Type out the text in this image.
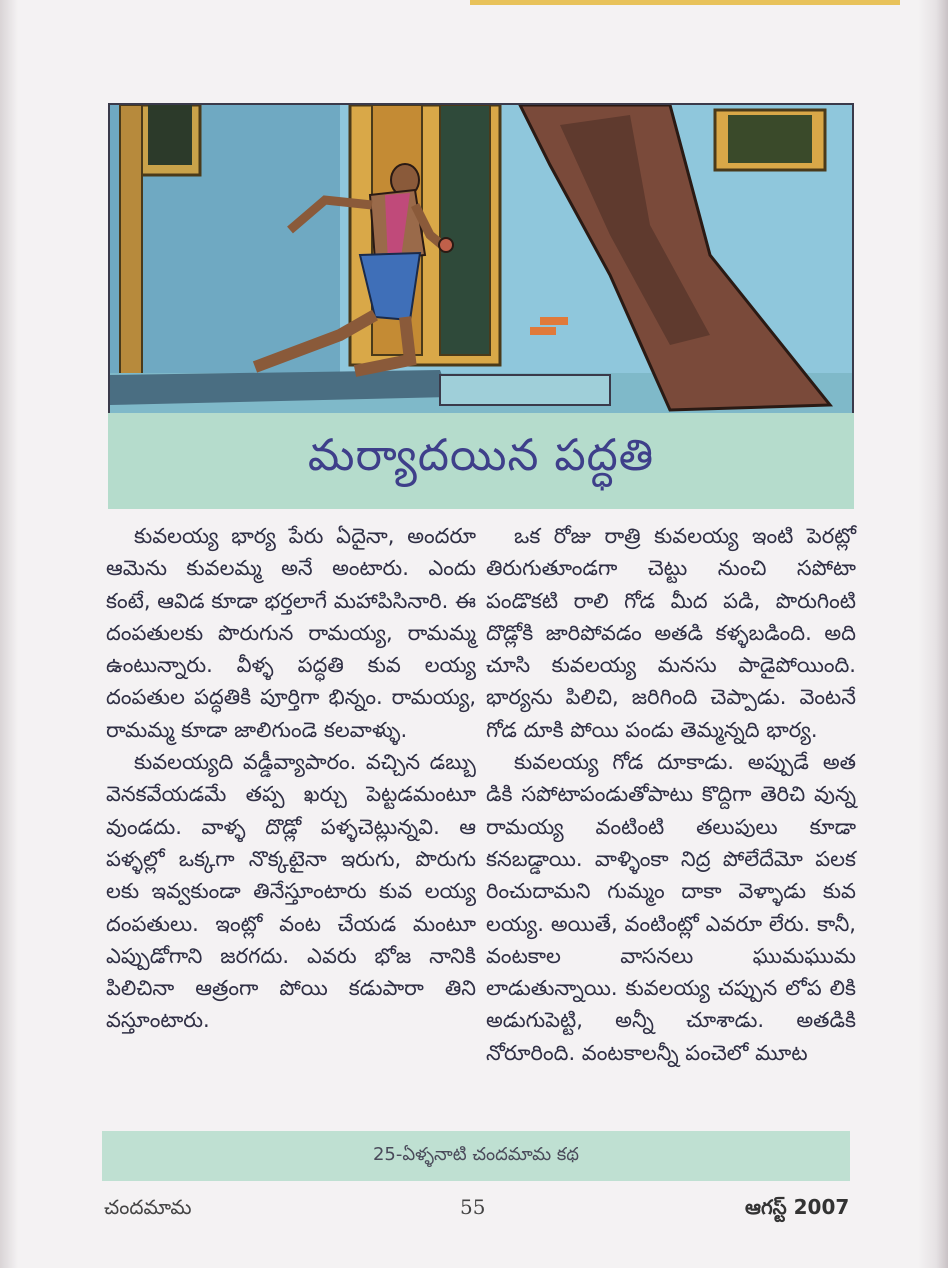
మర్యాదయిన పద్ధతి

కువలయ్య భార్య పేరు ఏదైనా, అందరూ ఆమెను కువలమ్మ అనే అంటారు. ఎందు కంటే, ఆవిడ కూడా భర్తలాగే మహాపిసినారి. ఈ దంపతులకు పొరుగున రామయ్య, రామమ్మ ఉంటున్నారు. వీళ్ళ పద్ధతి కువ లయ్య దంపతుల పద్ధతికి పూర్తిగా భిన్నం. రామయ్య, రామమ్మ కూడా జాలిగుండె కలవాళ్ళు.

కువలయ్యది వడ్డీవ్యాపారం. వచ్చిన డబ్బు వెనకవేయడమే తప్ప ఖర్చు పెట్టడమంటూ వుండదు. వాళ్ళ దొడ్లో పళ్ళచెట్లున్నవి. ఆ పళ్ళల్లో ఒక్కగా నొక్కటైనా ఇరుగు, పొరుగు లకు ఇవ్వకుండా తినేస్తూంటారు కువ లయ్య దంపతులు. ఇంట్లో వంట చేయడ మంటూ ఎప్పుడోగాని జరగదు. ఎవరు భోజ నానికి పిలిచినా ఆత్రంగా పోయి కడుపారా తిని వస్తూంటారు.

ఒక రోజు రాత్రి కువలయ్య ఇంటి పెరట్లో తిరుగుతూండగా చెట్టు నుంచి సపోటా పండొకటి రాలి గోడ మీద పడి, పొరుగింటి దొడ్లోకి జారిపోవడం అతడి కళ్ళబడింది. అది చూసి కువలయ్య మనసు పాడైపోయింది. భార్యను పిలిచి, జరిగింది చెప్పాడు. వెంటనే గోడ దూకి పోయి పండు తెమ్మన్నది భార్య.

కువలయ్య గోడ దూకాడు. అప్పుడే అత డికి సపోటాపండుతోపాటు కొద్దిగా తెరిచి వున్న రామయ్య వంటింటి తలుపులు కూడా కనబడ్డాయి. వాళ్ళింకా నిద్ర పోలేదేమో పలక రించుదామని గుమ్మం దాకా వెళ్ళాడు కువ లయ్య. అయితే, వంటింట్లో ఎవరూ లేరు. కానీ, వంటకాల వాసనలు ఘుమఘుమ లాడుతున్నాయి. కువలయ్య చప్పున లోప లికి అడుగుపెట్టి, అన్నీ చూశాడు. అతడికి నోరూరింది. వంటకాలన్నీ పంచెలో మూట

25-ఏళ్ళనాటి చందమామ కథ
చందమామ	55	ఆగస్ట్ 2007
